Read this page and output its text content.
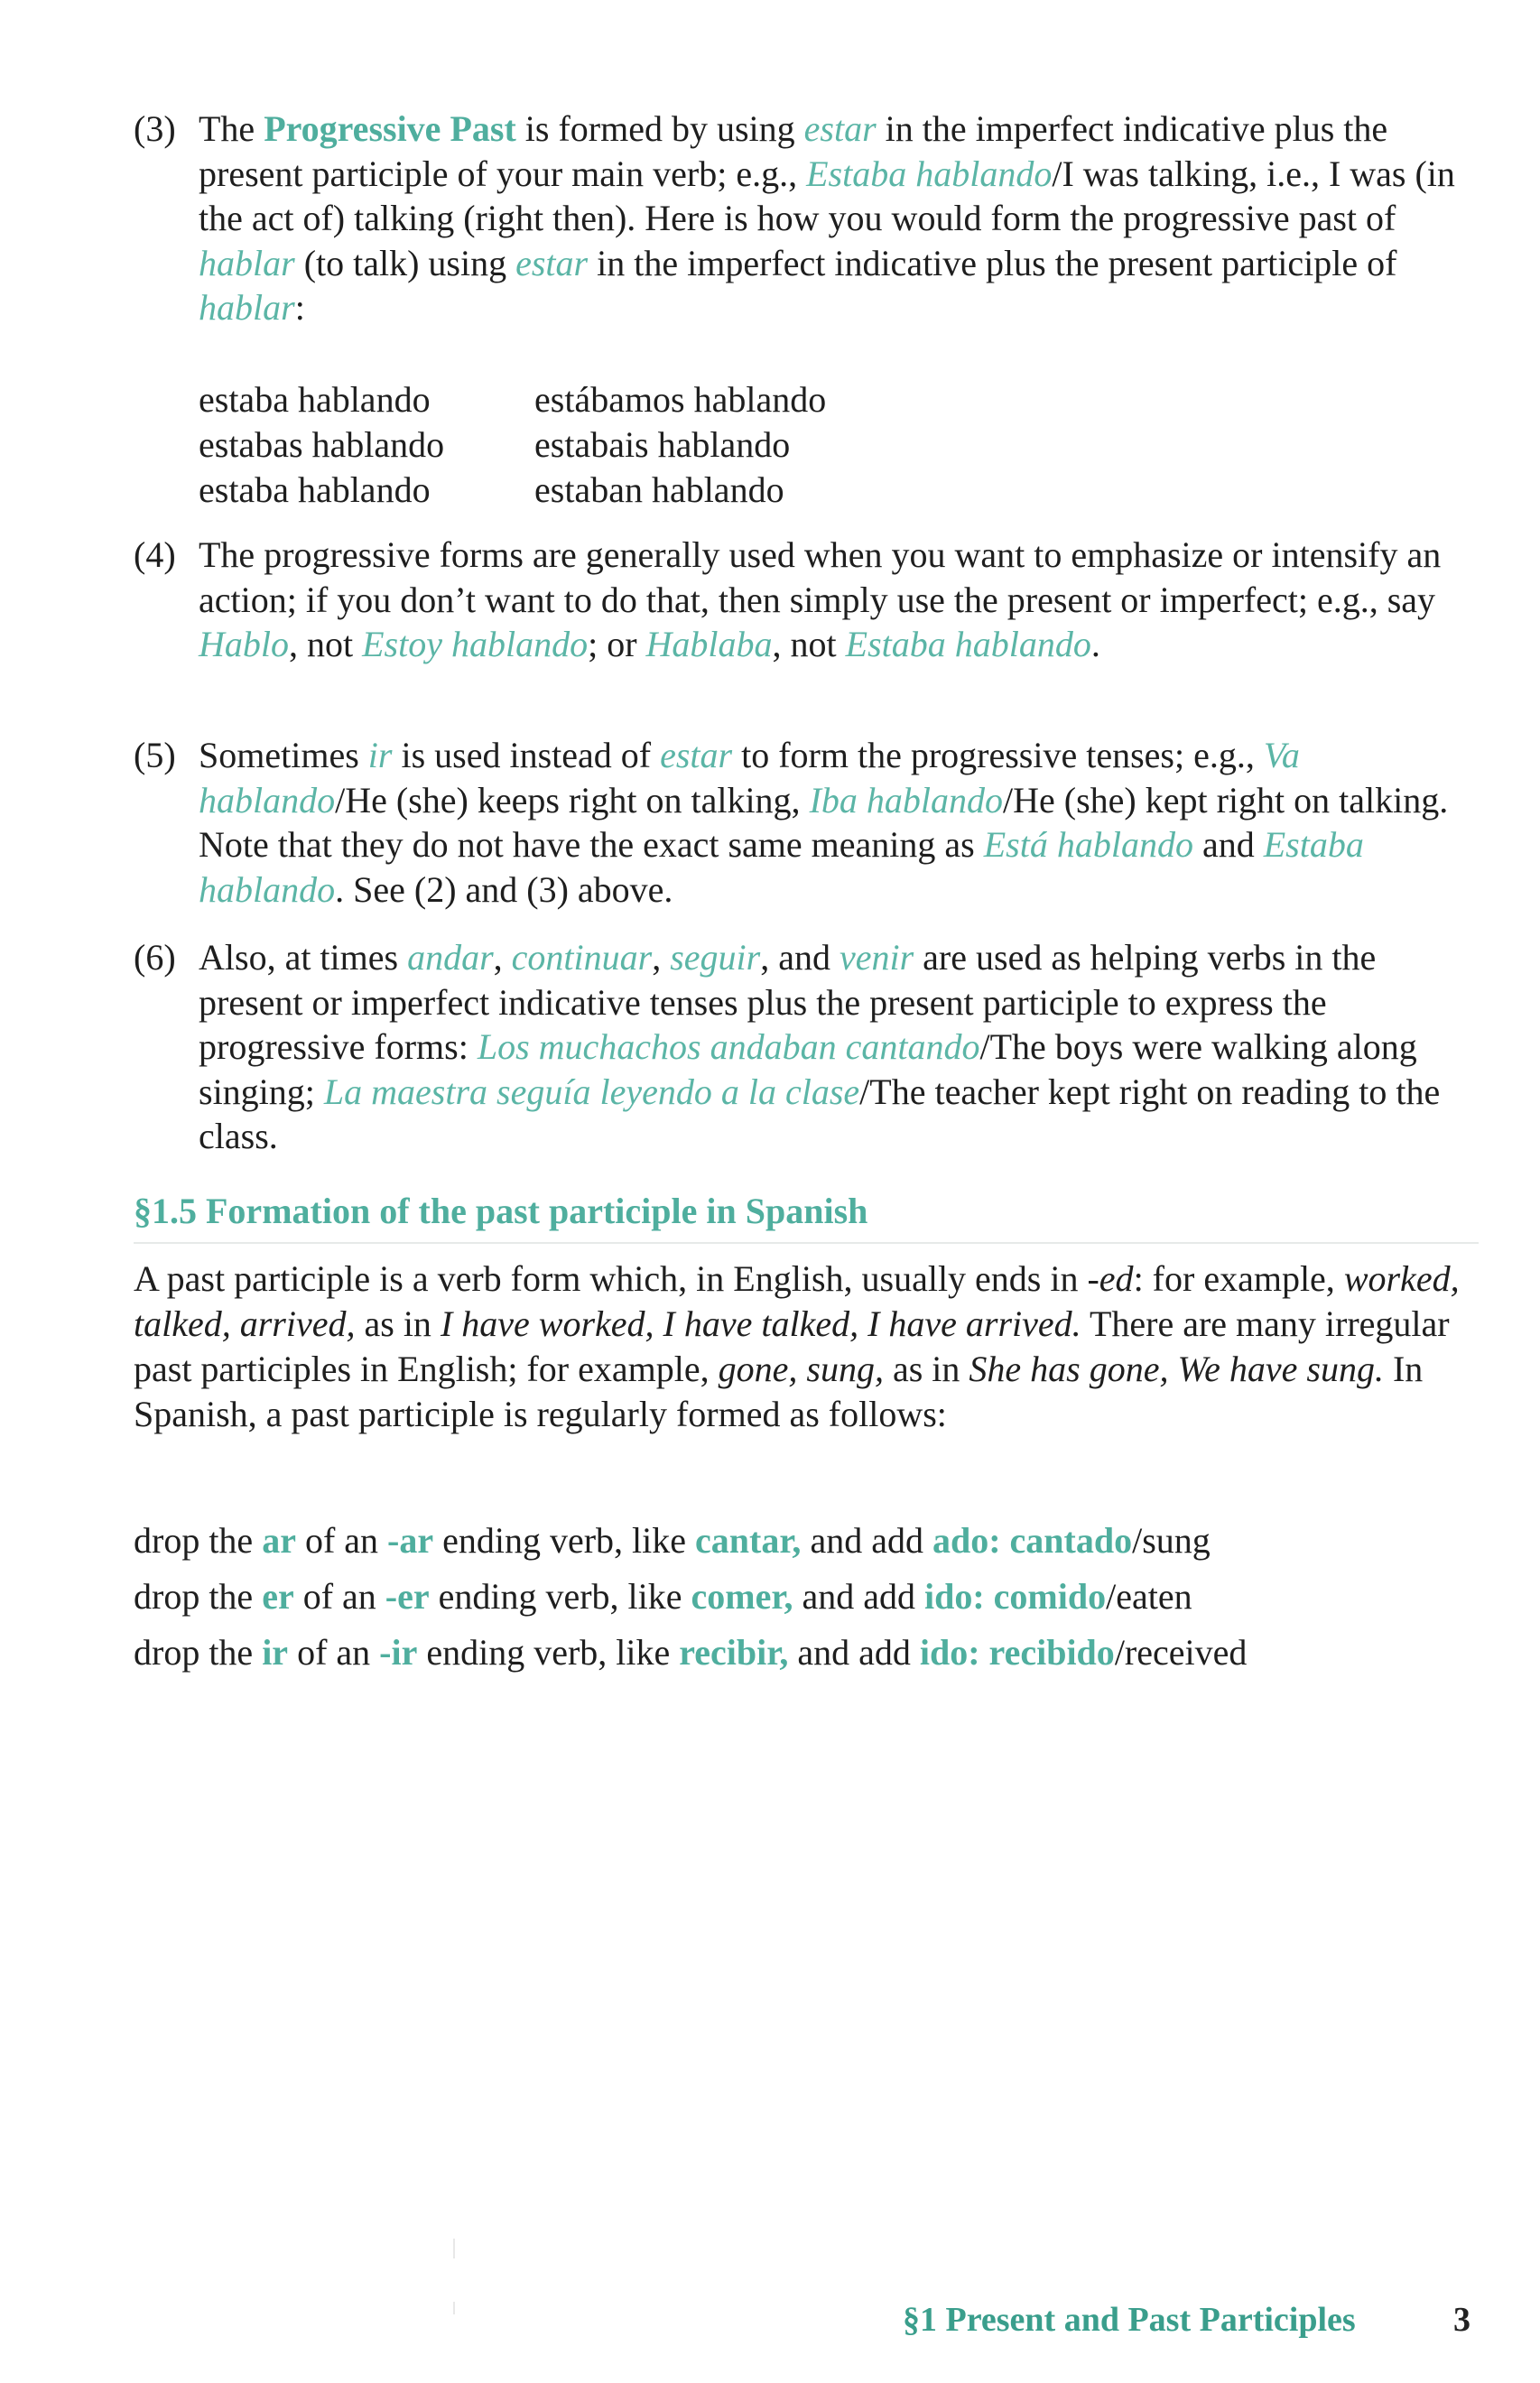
(3) The Progressive Past is formed by using estar in the imperfect indicative plus the present participle of your main verb; e.g., Estaba hablando/I was talking, i.e., I was (in the act of) talking (right then). Here is how you would form the progressive past of hablar (to talk) using estar in the imperfect indicative plus the present participle of hablar:
estaba hablando	estábamos hablando
estabas hablando	estabais hablando
estaba hablando	estaban hablando
(4) The progressive forms are generally used when you want to emphasize or intensify an action; if you don’t want to do that, then simply use the present or imperfect; e.g., say Hablo, not Estoy hablando; or Hablaba, not Estaba hablando.
(5) Sometimes ir is used instead of estar to form the progressive tenses; e.g., Va hablando/He (she) keeps right on talking, Iba hablando/He (she) kept right on talking. Note that they do not have the exact same meaning as Está hablando and Estaba hablando. See (2) and (3) above.
(6) Also, at times andar, continuar, seguir, and venir are used as helping verbs in the present or imperfect indicative tenses plus the present participle to express the progressive forms: Los muchachos andaban cantando/The boys were walking along singing; La maestra seguía leyendo a la clase/The teacher kept right on reading to the class.
§1.5 Formation of the past participle in Spanish
A past participle is a verb form which, in English, usually ends in -ed: for example, worked, talked, arrived, as in I have worked, I have talked, I have arrived. There are many irregular past participles in English; for example, gone, sung, as in She has gone, We have sung. In Spanish, a past participle is regularly formed as follows:
drop the ar of an -ar ending verb, like cantar, and add ado: cantado/sung
drop the er of an -er ending verb, like comer, and add ido: comido/eaten
drop the ir of an -ir ending verb, like recibir, and add ido: recibido/received
§1 Present and Past Participles	3
